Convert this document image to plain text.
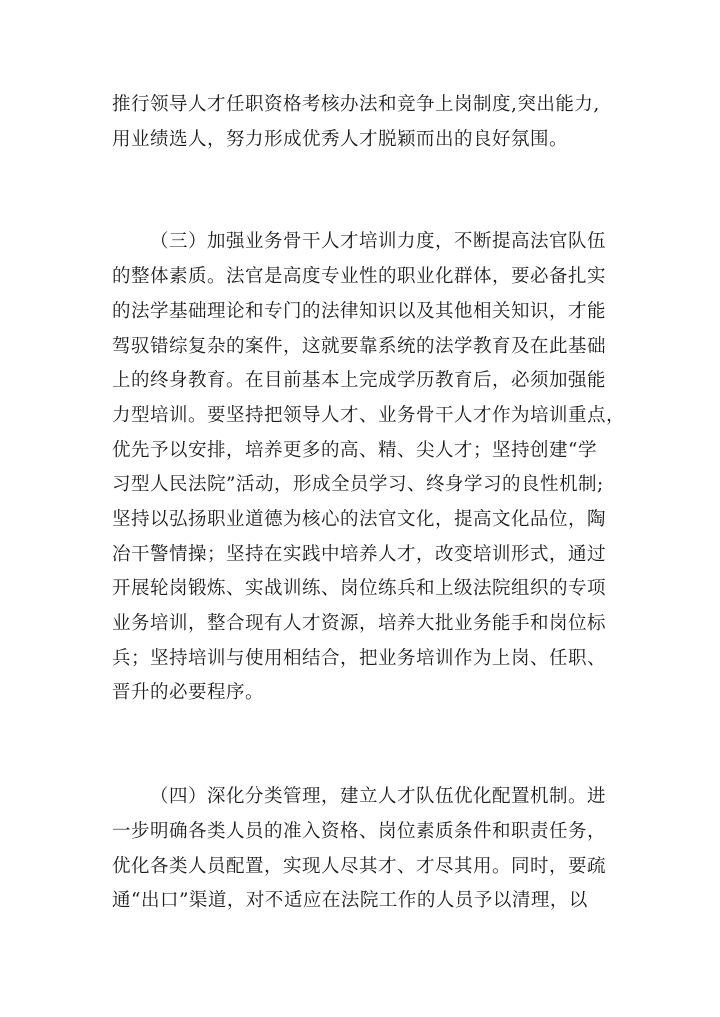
推行领导人才任职资格考核办法和竞争上岗制度,突出能力,
用业绩选人，努力形成优秀人才脱颖而出的良好氛围。
（三）加强业务骨干人才培训力度，不断提高法官队伍
的整体素质。法官是高度专业性的职业化群体，要必备扎实
的法学基础理论和专门的法律知识以及其他相关知识，才能
驾驭错综复杂的案件，这就要靠系统的法学教育及在此基础
上的终身教育。在目前基本上完成学历教育后，必须加强能
力型培训。要坚持把领导人才、业务骨干人才作为培训重点，
优先予以安排，培养更多的高、精、尖人才；坚持创建“学
习型人民法院”活动，形成全员学习、终身学习的良性机制;
坚持以弘扬职业道德为核心的法官文化，提高文化品位，陶
冶干警情操；坚持在实践中培养人才，改变培训形式，通过
开展轮岗锻炼、实战训练、岗位练兵和上级法院组织的专项
业务培训，整合现有人才资源，培养大批业务能手和岗位标
兵；坚持培训与使用相结合，把业务培训作为上岗、任职、
晋升的必要程序。
（四）深化分类管理，建立人才队伍优化配置机制。进
一步明确各类人员的准入资格、岗位素质条件和职责任务，
优化各类人员配置，实现人尽其才、才尽其用。同时，要疏
通“出口”渠道，对不适应在法院工作的人员予以清理，以
